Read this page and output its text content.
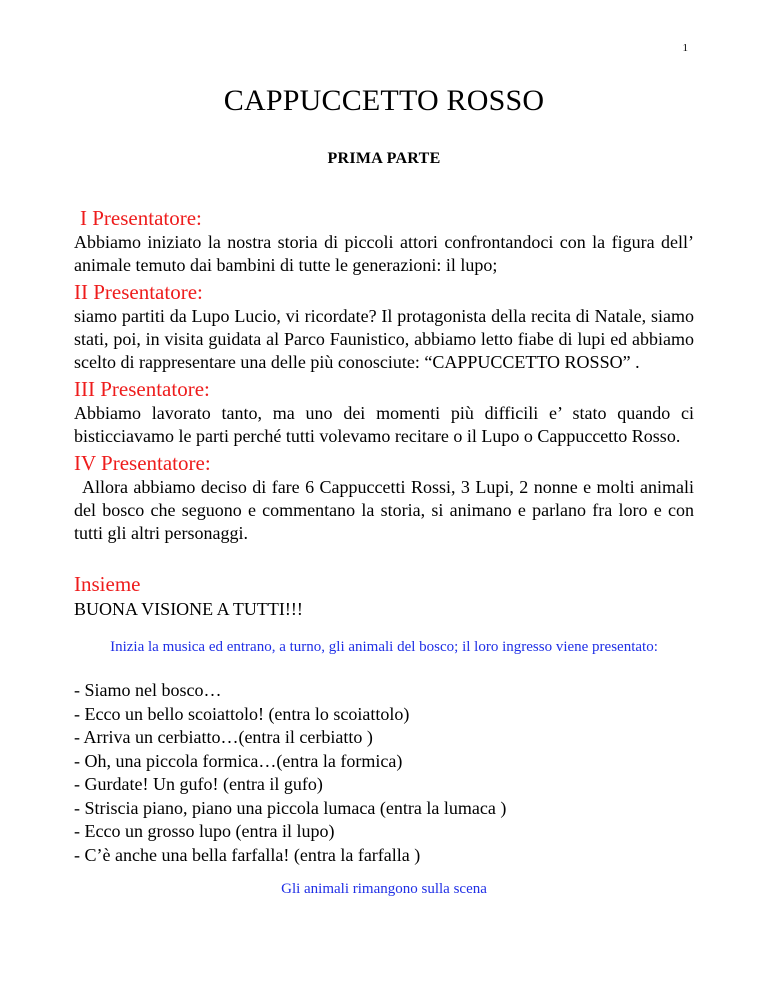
1
CAPPUCCETTO ROSSO
PRIMA PARTE

I Presentatore:

Abbiamo iniziato la nostra storia di piccoli attori confrontandoci con la figura dell’ animale temuto dai bambini di tutte le generazioni: il lupo;

II Presentatore:

siamo partiti da Lupo Lucio, vi ricordate? Il protagonista della recita di Natale, siamo stati, poi, in visita guidata al Parco Faunistico, abbiamo letto fiabe di lupi ed abbiamo scelto di rappresentare una delle più conosciute: “CAPPUCCETTO ROSSO” .

III Presentatore:

Abbiamo lavorato tanto, ma uno dei momenti più difficili e’ stato quando ci bisticciavamo le parti perché tutti volevamo recitare o il Lupo o Cappuccetto Rosso.

IV Presentatore:

Allora abbiamo deciso di fare 6 Cappuccetti Rossi, 3 Lupi, 2 nonne e molti animali del bosco che seguono e commentano la storia, si animano e parlano fra loro e con tutti gli altri personaggi.

Insieme

BUONA VISIONE A TUTTI!!!

Inizia la musica ed entrano, a turno, gli animali del bosco; il loro ingresso viene presentato:

- Siamo nel bosco…
- Ecco un bello scoiattolo! (entra lo scoiattolo)
- Arriva un cerbiatto…(entra il cerbiatto )
- Oh, una piccola formica…(entra la formica)
- Gurdate! Un gufo! (entra il gufo)
- Striscia piano, piano una piccola lumaca (entra la lumaca )
- Ecco un grosso lupo (entra il lupo)
- C’è anche una bella farfalla! (entra la farfalla )
Gli animali rimangono sulla scena
